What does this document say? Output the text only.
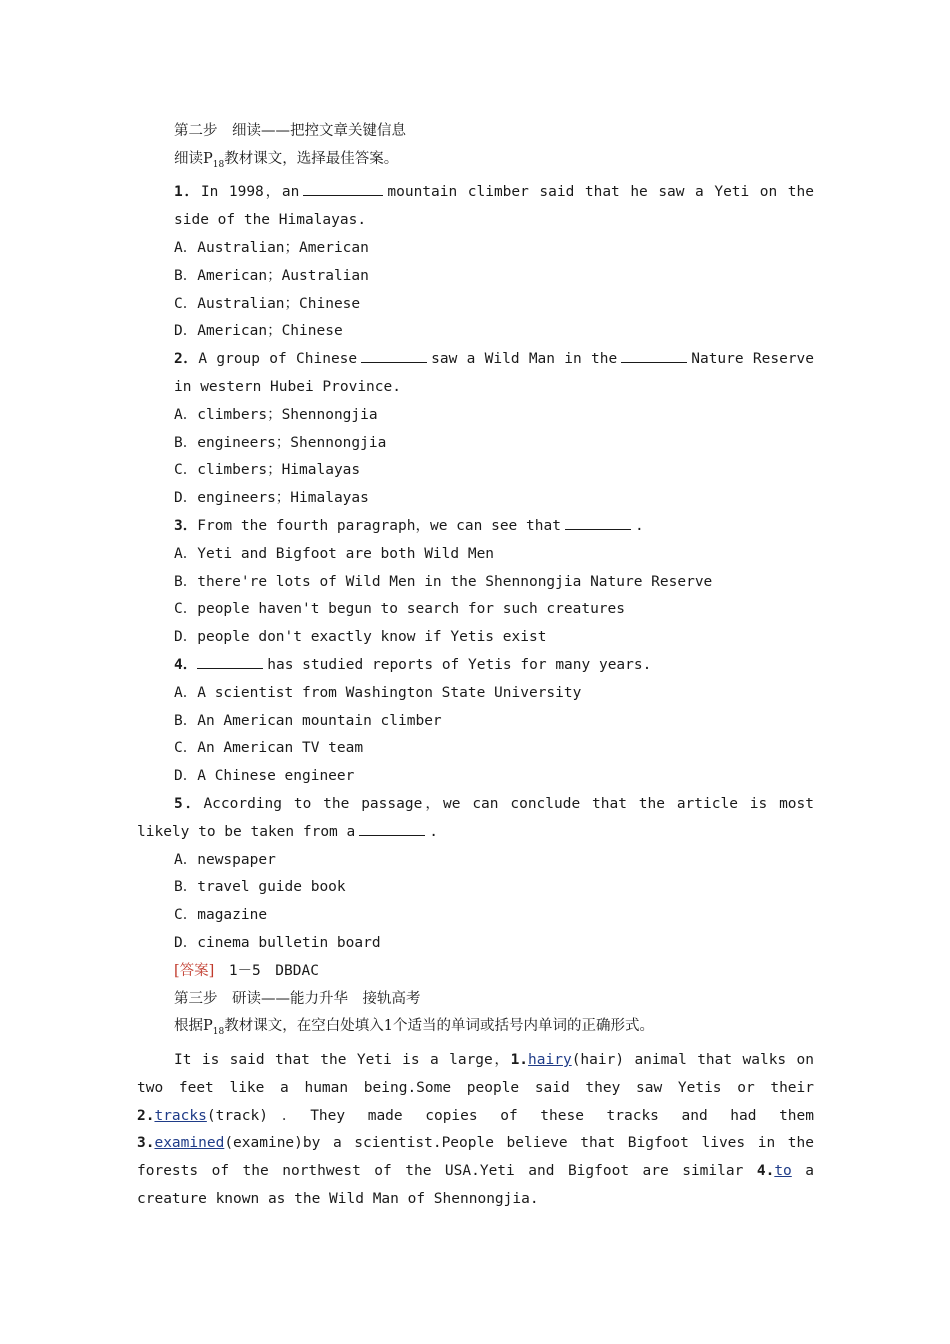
第二步　细读——把控文章关键信息
细读$P_{18}$教材课文，选择最佳答案。
1．In 1998，an	mountain climber said that he saw a Yeti on the side of the Himalayas.
A．Australian；American
B．American；Australian
C．Australian；Chinese
D．American；Chinese
2．A group of Chinese	saw a Wild Man in the	Nature Reserve in western Hubei Province.
A．climbers；Shennongjia
B．engineers；Shennongjia
C．climbers；Himalayas
D．engineers；Himalayas
3．From the fourth paragraph，we can see that	.
A．Yeti and Bigfoot are both Wild Men
B．there're lots of Wild Men in the Shennongjia Nature Reserve
C．people haven't begun to search for such creatures
D．people don't exactly know if Yetis exist
4．	has studied reports of Yetis for many years.
A．A scientist from Washington State University
B．An American mountain climber
C．An American TV team
D．A Chinese engineer
5．According to the passage，we can conclude that the article is most likely to be taken from a	.
A．newspaper
B．travel guide book
C．magazine
D．cinema bulletin board
[答案]　 1－5　DBDAC
第三步　研读——能力升华　接轨高考
根据$P_{18}$教材课文，在空白处填入1个适当的单词或括号内单词的正确形式。
It is said that the Yeti is a large，1.hairy(hair) animal that walks on two feet like a human being.Some people said they saw Yetis or their 2.tracks(track)．They made copies of these tracks and had them 3.examined(examine)by a scientist.People believe that Bigfoot lives in the forests of the northwest of the USA.Yeti and Bigfoot are similar 4.to a creature known as the Wild Man of Shennongjia.
